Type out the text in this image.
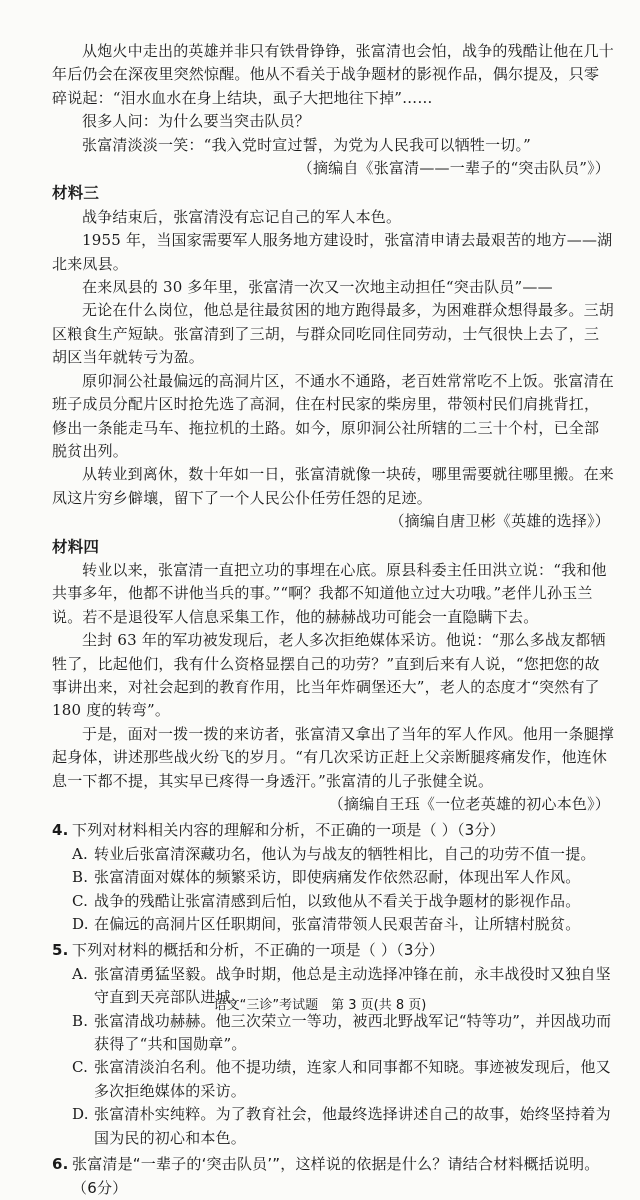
从炮火中走出的英雄并非只有铁骨铮铮，张富清也会怕，战争的残酷让他在几十年后仍会在深夜里突然惊醒。他从不看关于战争题材的影视作品，偶尔提及，只零碎说起：“泪水血水在身上结块，虱子大把地往下掉”……

很多人问：为什么要当突击队员？

张富清淡淡一笑：“我入党时宣过誓，为党为人民我可以牺牲一切。”

（摘编自《张富清——一辈子的“突击队员”》）

材料三

战争结束后，张富清没有忘记自己的军人本色。

1955 年，当国家需要军人服务地方建设时，张富清申请去最艰苦的地方——湖北来凤县。

在来凤县的 30 多年里，张富清一次又一次地主动担任“突击队员”——

无论在什么岗位，他总是往最贫困的地方跑得最多，为困难群众想得最多。三胡区粮食生产短缺。张富清到了三胡，与群众同吃同住同劳动，士气很快上去了，三胡区当年就转亏为盈。

原卯洞公社最偏远的高洞片区，不通水不通路，老百姓常常吃不上饭。张富清在班子成员分配片区时抢先选了高洞，住在村民家的柴房里，带领村民们肩挑背扛，修出一条能走马车、拖拉机的土路。如今，原卯洞公社所辖的二三十个村，已全部脱贫出列。

从转业到离休，数十年如一日，张富清就像一块砖，哪里需要就往哪里搬。在来凤这片穷乡僻壤，留下了一个人民公仆任劳任怨的足迹。

（摘编自唐卫彬《英雄的选择》）

材料四

转业以来，张富清一直把立功的事埋在心底。原县科委主任田洪立说：“我和他共事多年，他都不讲他当兵的事。”“啊？我都不知道他立过大功哦。”老伴儿孙玉兰说。若不是退役军人信息采集工作，他的赫赫战功可能会一直隐瞒下去。

尘封 63 年的军功被发现后，老人多次拒绝媒体采访。他说：“那么多战友都牺牲了，比起他们，我有什么资格显摆自己的功劳？”直到后来有人说，“您把您的故事讲出来，对社会起到的教育作用，比当年炸碉堡还大”，老人的态度才“突然有了 180 度的转弯”。

于是，面对一拨一拨的来访者，张富清又拿出了当年的军人作风。他用一条腿撑起身体，讲述那些战火纷飞的岁月。“有几次采访正赶上父亲断腿疼痛发作，他连休息一下都不提，其实早已疼得一身透汗。”张富清的儿子张健全说。

（摘编自王珏《一位老英雄的初心本色》）

4. 下列对材料相关内容的理解和分析，不正确的一项是（ ）（3分）
A. 转业后张富清深藏功名，他认为与战友的牺牲相比，自己的功劳不值一提。
B. 张富清面对媒体的频繁采访，即使病痛发作依然忍耐，体现出军人作风。
C. 战争的残酷让张富清感到后怕，以致他从不看关于战争题材的影视作品。
D. 在偏远的高洞片区任职期间，张富清带领人民艰苦奋斗，让所辖村脱贫。
5. 下列对材料的概括和分析，不正确的一项是（ ）（3分）
A. 张富清勇猛坚毅。战争时期，他总是主动选择冲锋在前，永丰战役时又独自坚守直到天亮部队进城。
B. 张富清战功赫赫。他三次荣立一等功，被西北野战军记“特等功”，并因战功而获得了“共和国勋章”。
C. 张富清淡泊名利。他不提功绩，连家人和同事都不知晓。事迹被发现后，他又多次拒绝媒体的采访。
D. 张富清朴实纯粹。为了教育社会，他最终选择讲述自己的故事，始终坚持着为国为民的初心和本色。
6. 张富清是“一辈子的‘突击队员’”，这样说的依据是什么？请结合材料概括说明。（6分）
语文“三诊”考试题　第 3 页(共 8 页)
